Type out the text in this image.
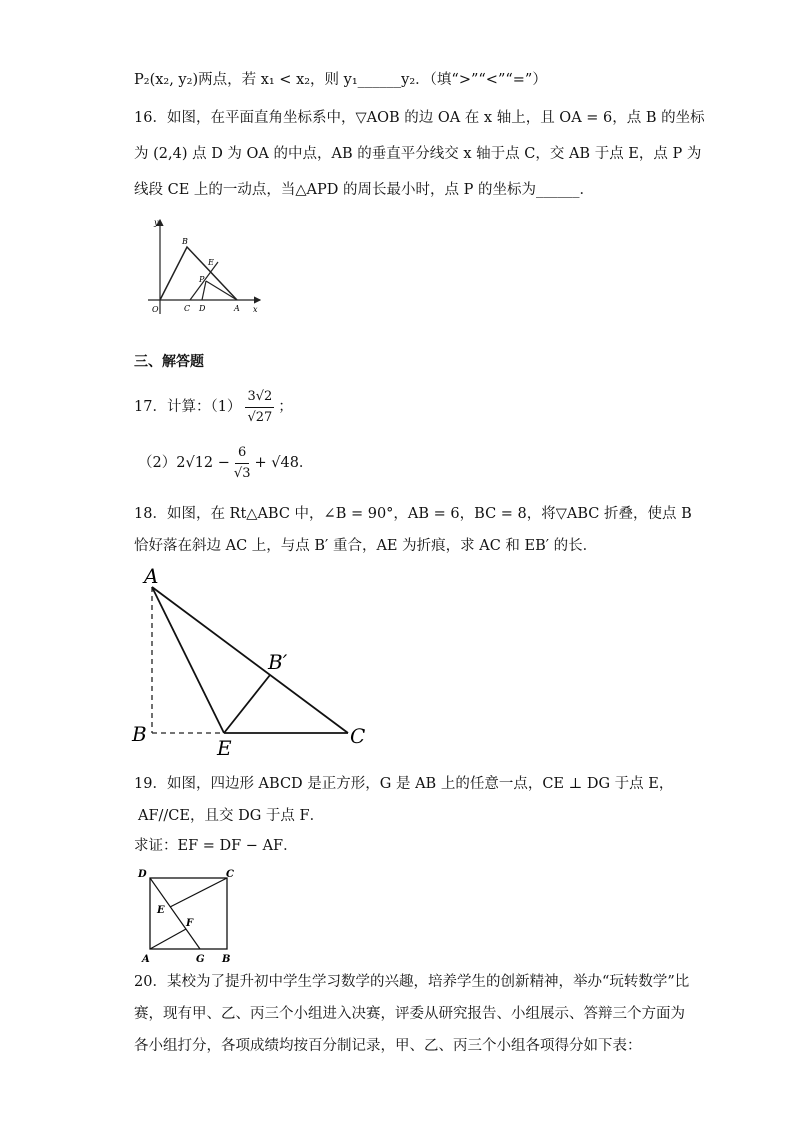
P₂(x₂, y₂)两点，若 x₁ < x₂，则 y₁______y₂．（填“>”“<”“=”）
16．如图，在平面直角坐标系中，▽AOB 的边 OA 在 x 轴上，且 OA = 6，点 B 的坐标
为 (2,4) 点 D 为 OA 的中点，AB 的垂直平分线交 x 轴于点 C，交 AB 于点 E，点 P 为
线段 CE 上的一动点，当△APD 的周长最小时，点 P 的坐标为______．
y
O
B
E
P
C D	A x
三、解答题
17．计算：$(1) \frac{3√2}{√27}$ ；
$(2)2√12 - \frac{6}{√3} + √48$．
18．如图，在 Rt△ABC 中，∠B = 90°，AB = 6，BC = 8，将▽ABC 折叠，使点 B
恰好落在斜边 AC 上，与点 B′ 重合，AE 为折痕，求 AC 和 EB′ 的长．
A
B
E	C
B′
19．如图，四边形 ABCD 是正方形，G 是 AB 上的任意一点，CE ⊥ DG 于点 E，
AF//CE，且交 DG 于点 F．
求证：EF = DF − AF．
D	C
E
F
A	G B
20．某校为了提升初中学生学习数学的兴趣，培养学生的创新精神，举办“玩转数学”比
赛，现有甲、乙、丙三个小组进入决赛，评委从研究报告、小组展示、答辩三个方面为
各小组打分，各项成绩均按百分制记录，甲、乙、丙三个小组各项得分如下表：
